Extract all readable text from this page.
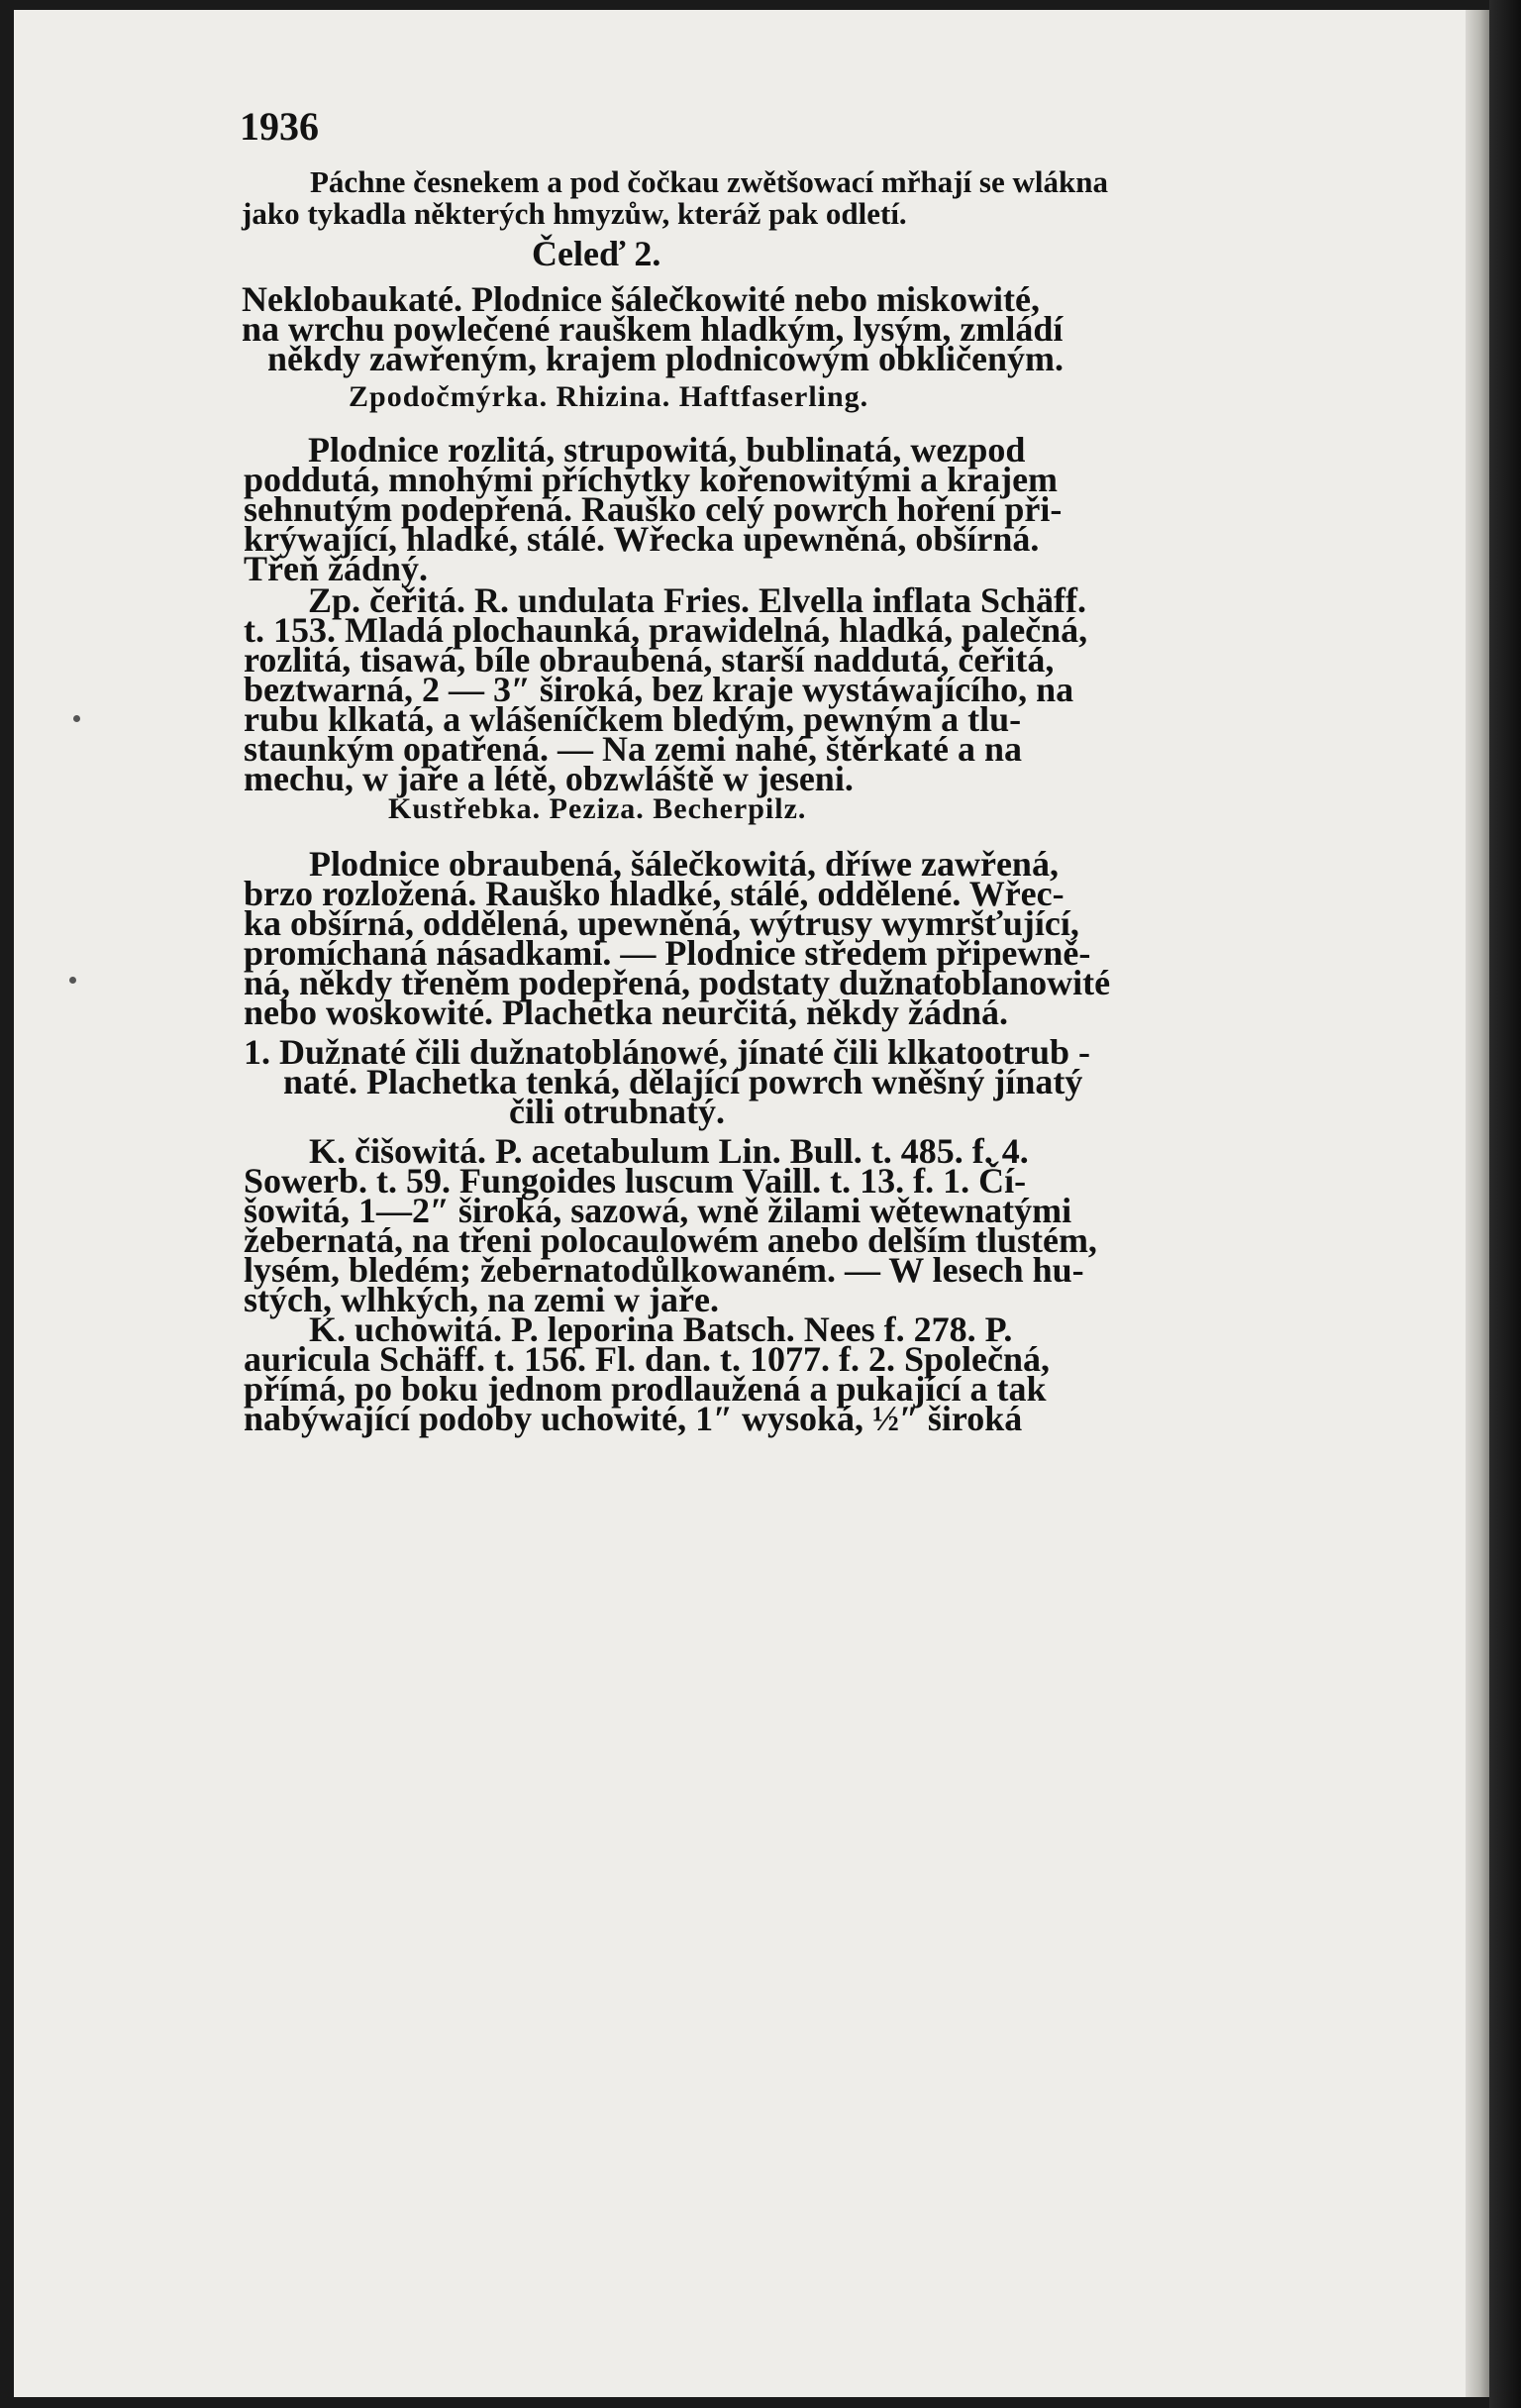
1936

Páchne česnekem a pod čočkau zwětšowací mřhají se wlákna

jako tykadla některých hmyzůw, kteráž pak odletí.

Čeleď 2.

Neklobaukaté. Plodnice šálečkowité nebo miskowité,

na wrchu powlečené rauškem hladkým, lysým, zmládí

někdy zawřeným, krajem plodnicowým obkličeným.

Zpodočmýrka. Rhizina. Haftfaserling.

Plodnice rozlitá, strupowitá, bublinatá, wezpod

poddutá, mnohými příchytky kořenowitými a krajem

sehnutým podepřená. Rauško celý powrch hoření při-

krýwající, hladké, stálé. Wřecka upewněná, obšírná.

Třeň žádný.

Zp. čeřitá. R. undulata Fries. Elvella inflata Schäff.

t. 153. Mladá plochaunká, prawidelná, hladká, palečná,

rozlitá, tisawá, bíle obraubená, starší naddutá, čeřitá,

beztwarná, 2 — 3″ široká, bez kraje wystáwajícího, na

rubu klkatá, a wlášeníčkem bledým, pewným a tlu-

staunkým opatřená. — Na zemi nahé, štěrkaté a na

mechu, w jaře a létě, obzwláště w jeseni.

Kustřebka. Peziza. Becherpilz.

Plodnice obraubená, šálečkowitá, dříwe zawřená,

brzo rozložená. Rauško hladké, stálé, oddělené. Wřec-

ka obšírná, oddělená, upewněná, wýtrusy wymršťující,

promíchaná násadkami. — Plodnice středem připewně-

ná, někdy třeněm podepřená, podstaty dužnatoblanowité

nebo woskowité. Plachetka neurčitá, někdy žádná.

1. Dužnaté čili dužnatoblánowé, jínaté čili klkatootrub -

naté. Plachetka tenká, dělající powrch wněšný jínatý

čili otrubnatý.

K. čišowitá. P. acetabulum Lin. Bull. t. 485. f. 4.

Sowerb. t. 59. Fungoides luscum Vaill. t. 13. f. 1. Čí-

šowitá, 1—2″ široká, sazowá, wně žilami wětewnatými

žebernatá, na třeni polocaulowém anebo delším tlustém,

lysém, bledém; žebernatodůlkowaném. — W lesech hu-

stých, wlhkých, na zemi w jaře.

K. uchowitá. P. leporina Batsch. Nees f. 278. P.

auricula Schäff. t. 156. Fl. dan. t. 1077. f. 2. Společná,

přímá, po boku jednom prodlaužená a pukající a tak

nabýwající podoby uchowité, 1″ wysoká, ½″ široká
